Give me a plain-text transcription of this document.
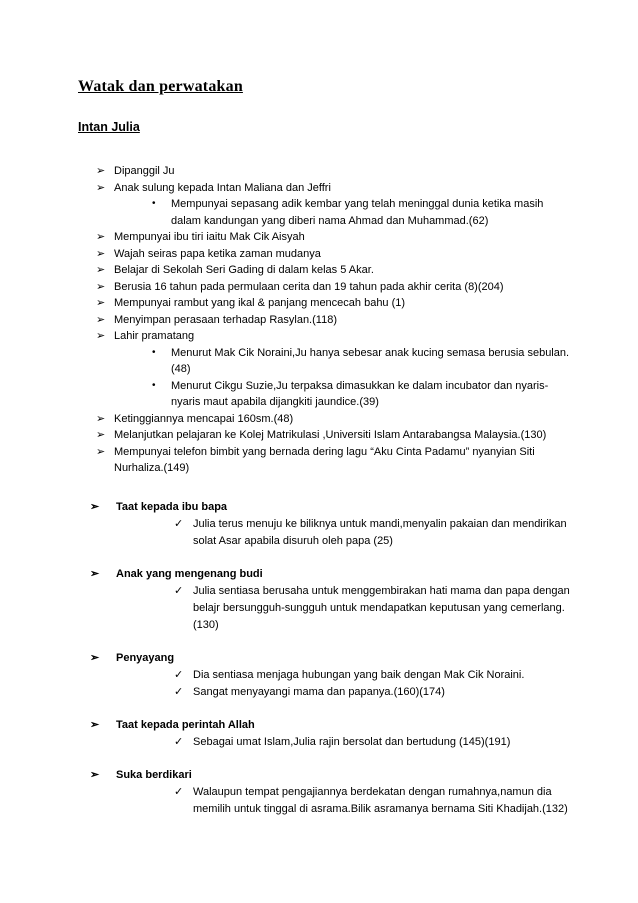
Watak dan perwatakan
Intan Julia
➢ Dipanggil Ju
➢ Anak sulung kepada Intan Maliana dan Jeffri
• Mempunyai sepasang adik kembar yang telah meninggal dunia ketika masih dalam kandungan yang diberi nama Ahmad dan Muhammad.(62)
➢ Mempunyai ibu tiri iaitu Mak Cik Aisyah
➢ Wajah seiras papa ketika zaman mudanya
➢ Belajar di Sekolah Seri Gading di dalam kelas 5 Akar.
➢ Berusia 16 tahun pada permulaan cerita dan 19 tahun pada akhir cerita (8)(204)
➢ Mempunyai rambut yang ikal & panjang mencecah bahu (1)
➢ Menyimpan perasaan terhadap Rasylan.(118)
➢ Lahir pramatang
• Menurut Mak Cik Noraini,Ju hanya sebesar anak kucing semasa berusia sebulan.(48)
• Menurut Cikgu Suzie,Ju terpaksa dimasukkan ke dalam incubator dan nyaris-nyaris maut apabila dijangkiti jaundice.(39)
➢ Ketinggiannya mencapai 160sm.(48)
➢ Melanjutkan pelajaran ke Kolej Matrikulasi ,Universiti Islam Antarabangsa Malaysia.(130)
➢ Mempunyai telefon bimbit yang bernada dering lagu “Aku Cinta Padamu” nyanyian Siti Nurhaliza.(149)
➢ Taat kepada ibu bapa
✓ Julia terus menuju ke biliknya untuk mandi,menyalin pakaian dan mendirikan solat Asar apabila disuruh oleh papa (25)
➢ Anak yang mengenang budi
✓ Julia sentiasa berusaha untuk menggembirakan hati mama dan papa dengan belajr bersungguh-sungguh untuk mendapatkan keputusan yang cemerlang.(130)
➢ Penyayang
✓ Dia sentiasa menjaga hubungan yang baik dengan Mak Cik Noraini.
✓ Sangat menyayangi mama dan papanya.(160)(174)
➢ Taat kepada perintah Allah
✓ Sebagai umat Islam,Julia rajin bersolat dan bertudung (145)(191)
➢ Suka berdikari
✓ Walaupun tempat pengajiannya berdekatan dengan rumahnya,namun dia memilih untuk tinggal di asrama.Bilik asramanya bernama Siti Khadijah.(132)
